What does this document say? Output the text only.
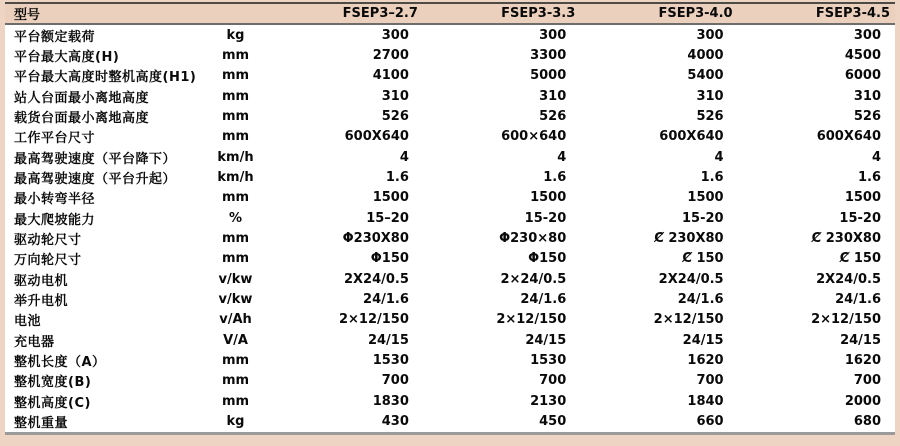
型号		FSEP3–2.7	FSEP3-3.3	FSEP3-4.0	FSEP3-4.5
平台额定载荷	kg	300	300	300	300
平台最大高度(H)	mm	2700	3300	4000	4500
平台最大高度时整机高度(H1)	mm	4100	5000	5400	6000
站人台面最小离地高度	mm	310	310	310	310
载货台面最小离地高度	mm	526	526	526	526
工作平台尺寸	mm	600X640	600×640	600X640	600X640
最高驾驶速度（平台降下）	km/h	4	4	4	4
最高驾驶速度（平台升起）	km/h	1.6	1.6	1.6	1.6
最小转弯半径	mm	1500	1500	1500	1500
最大爬坡能力	%	15–20	15-20	15-20	15-20
驱动轮尺寸	mm	Φ230X80	Φ230×80	Ȼ 230X80	Ȼ 230X80
万向轮尺寸	mm	Φ150	Φ150	Ȼ 150	Ȼ 150
驱动电机	v/kw	2X24/0.5	2×24/0.5	2X24/0.5	2X24/0.5
举升电机	v/kw	24/1.6	24/1.6	24/1.6	24/1.6
电池	v/Ah	2×12/150	2×12/150	2×12/150	2×12/150
充电器	V/A	24/15	24/15	24/15	24/15
整机长度（A）	mm	1530	1530	1620	1620
整机宽度(B)	mm	700	700	700	700
整机高度(C)	mm	1830	2130	1840	2000
整机重量	kg	430	450	660	680
